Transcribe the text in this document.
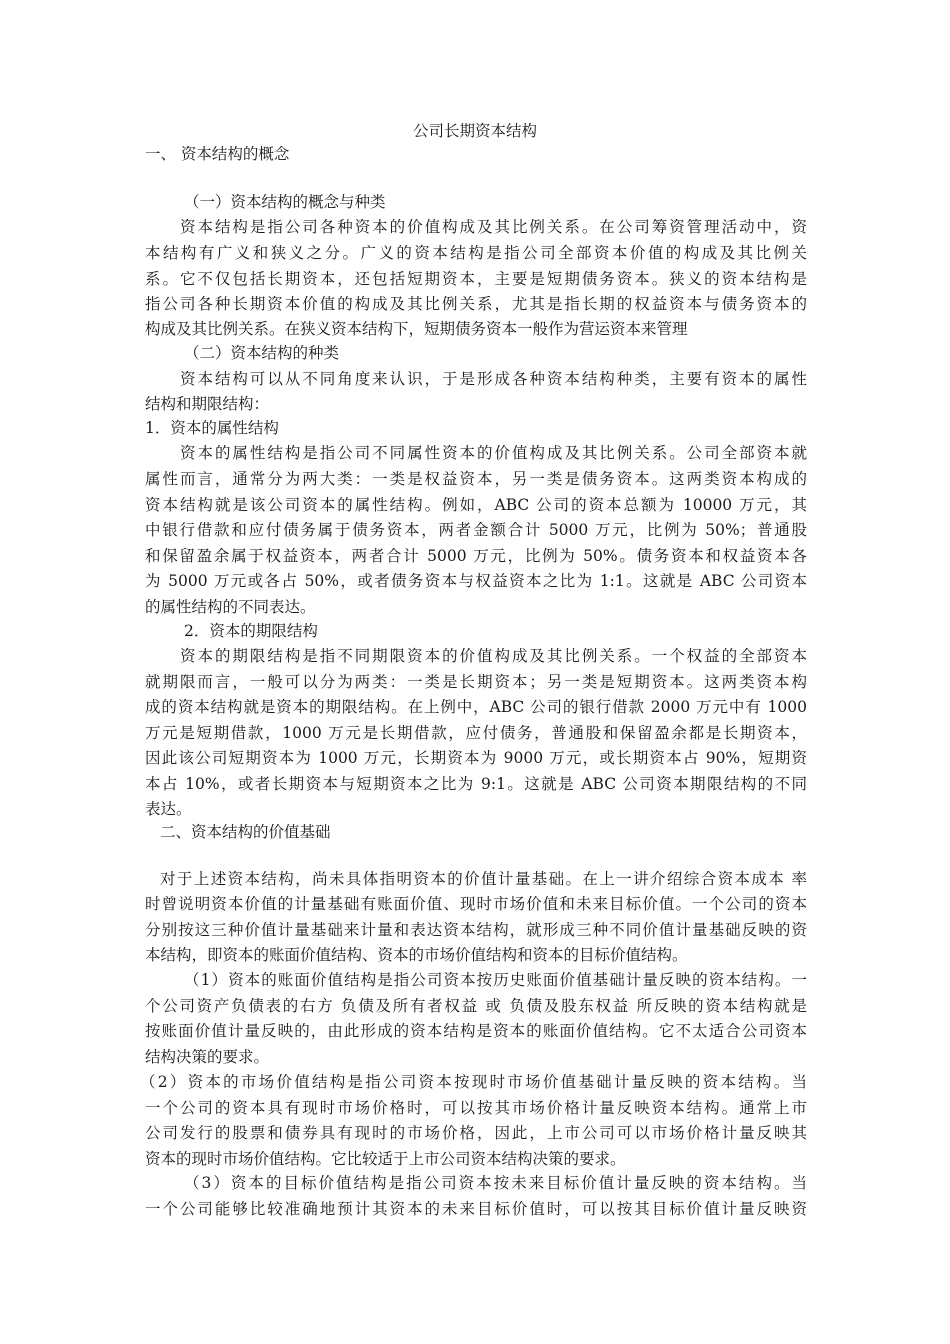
公司长期资本结构
一、 资本结构的概念
（一）资本结构的概念与种类
资本结构是指公司各种资本的价值构成及其比例关系。在公司筹资管理活动中，资
本结构有广义和狭义之分。广义的资本结构是指公司全部资本价值的构成及其比例关
系。它不仅包括长期资本，还包括短期资本，主要是短期债务资本。狭义的资本结构是
指公司各种长期资本价值的构成及其比例关系，尤其是指长期的权益资本与债务资本的
构成及其比例关系。在狭义资本结构下，短期债务资本一般作为营运资本来管理
（二）资本结构的种类
资本结构可以从不同角度来认识，于是形成各种资本结构种类，主要有资本的属性
结构和期限结构：
1．资本的属性结构
资本的属性结构是指公司不同属性资本的价值构成及其比例关系。公司全部资本就
属性而言，通常分为两大类：一类是权益资本，另一类是债务资本。这两类资本构成的
资本结构就是该公司资本的属性结构。例如，ABC 公司的资本总额为 10000 万元，其
中银行借款和应付债务属于债务资本，两者金额合计 5000 万元，比例为 50%；普通股
和保留盈余属于权益资本，两者合计 5000 万元，比例为 50%。债务资本和权益资本各
为 5000 万元或各占 50%，或者债务资本与权益资本之比为 1:1。这就是 ABC 公司资本
的属性结构的不同表达。
2．资本的期限结构
资本的期限结构是指不同期限资本的价值构成及其比例关系。一个权益的全部资本
就期限而言，一般可以分为两类：一类是长期资本；另一类是短期资本。这两类资本构
成的资本结构就是资本的期限结构。在上例中，ABC 公司的银行借款 2000 万元中有 1000
万元是短期借款，1000 万元是长期借款，应付债务，普通股和保留盈余都是长期资本，
因此该公司短期资本为 1000 万元，长期资本为 9000 万元，或长期资本占 90%，短期资
本占 10%，或者长期资本与短期资本之比为 9:1。这就是 ABC 公司资本期限结构的不同
表达。
二、资本结构的价值基础
对于上述资本结构，尚未具体指明资本的价值计量基础。在上一讲介绍综合资本成本 率
时曾说明资本价值的计量基础有账面价值、现时市场价值和未来目标价值。一个公司的资本
分别按这三种价值计量基础来计量和表达资本结构，就形成三种不同价值计量基础反映的资
本结构，即资本的账面价值结构、资本的市场价值结构和资本的目标价值结构。
（1）资本的账面价值结构是指公司资本按历史账面价值基础计量反映的资本结构。一
个公司资产负债表的右方 负债及所有者权益 或 负债及股东权益 所反映的资本结构就是
按账面价值计量反映的，由此形成的资本结构是资本的账面价值结构。它不太适合公司资本
结构决策的要求。
（2）资本的市场价值结构是指公司资本按现时市场价值基础计量反映的资本结构。当
一个公司的资本具有现时市场价格时，可以按其市场价格计量反映资本结构。通常上市
公司发行的股票和债券具有现时的市场价格，因此，上市公司可以市场价格计量反映其
资本的现时市场价值结构。它比较适于上市公司资本结构决策的要求。
（3）资本的目标价值结构是指公司资本按未来目标价值计量反映的资本结构。当
一个公司能够比较准确地预计其资本的未来目标价值时，可以按其目标价值计量反映资
